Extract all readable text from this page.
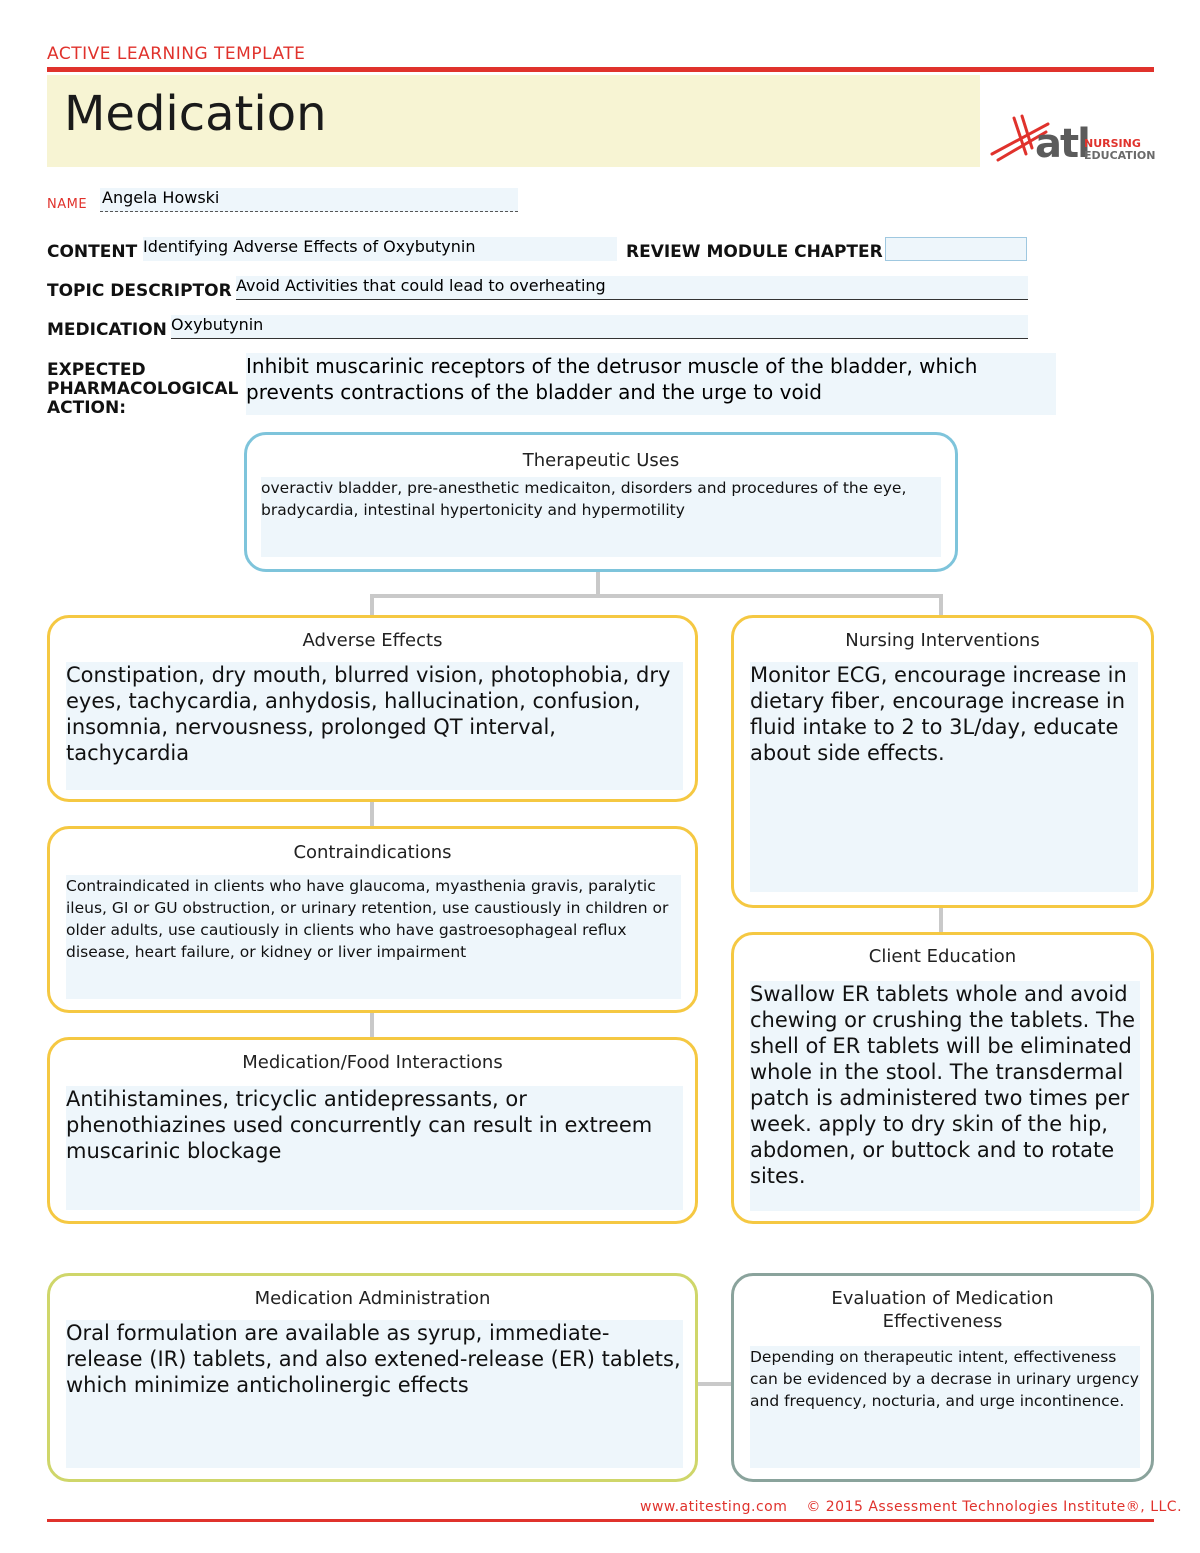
ACTIVE LEARNING TEMPLATE
Medication
atl
NURSING
EDUCATION
NAME Angela Howski
CONTENT Identifying Adverse Effects of Oxybutynin	REVIEW MODULE CHAPTER
TOPIC DESCRIPTOR Avoid Activities that could lead to overheating
MEDICATION Oxybutynin
EXPECTED
PHARMACOLOGICAL
ACTION:
Inhibit muscarinic receptors of the detrusor muscle of the bladder, which prevents contractions of the bladder and the urge to void
Therapeutic Uses
overactiv bladder, pre-anesthetic medicaiton, disorders and procedures of the eye, bradycardia, intestinal hypertonicity and hypermotility
Adverse Effects
Constipation, dry mouth, blurred vision, photophobia, dry eyes, tachycardia, anhydosis, hallucination, confusion, insomnia, nervousness, prolonged QT interval, tachycardia
Nursing Interventions
Monitor ECG, encourage increase in dietary fiber, encourage increase in fluid intake to 2 to 3L/day, educate about side effects.
Contraindications
Contraindicated in clients who have glaucoma, myasthenia gravis, paralytic ileus, GI or GU obstruction, or urinary retention, use caustiously in children or older adults, use cautiously in clients who have gastroesophageal reflux disease, heart failure, or kidney or liver impairment	Client Education
Swallow ER tablets whole and avoid chewing or crushing the tablets. The shell of ER tablets will be eliminated whole in the stool. The transdermal patch is administered two times per week. apply to dry skin of the hip, abdomen, or buttock and to rotate sites.
Medication/Food Interactions
Antihistamines, tricyclic antidepressants, or phenothiazines used concurrently can result in extreem muscarinic blockage
Medication Administration
Oral formulation are available as syrup, immediate-release (IR) tablets, and also extened-release (ER) tablets, which minimize anticholinergic effects
Evaluation of Medication
Effectiveness
Depending on therapeutic intent, effectiveness can be evidenced by a decrase in urinary urgency and frequency, nocturia, and urge incontinence.
www.atitesting.com © 2015 Assessment Technologies Institute®, LLC.
